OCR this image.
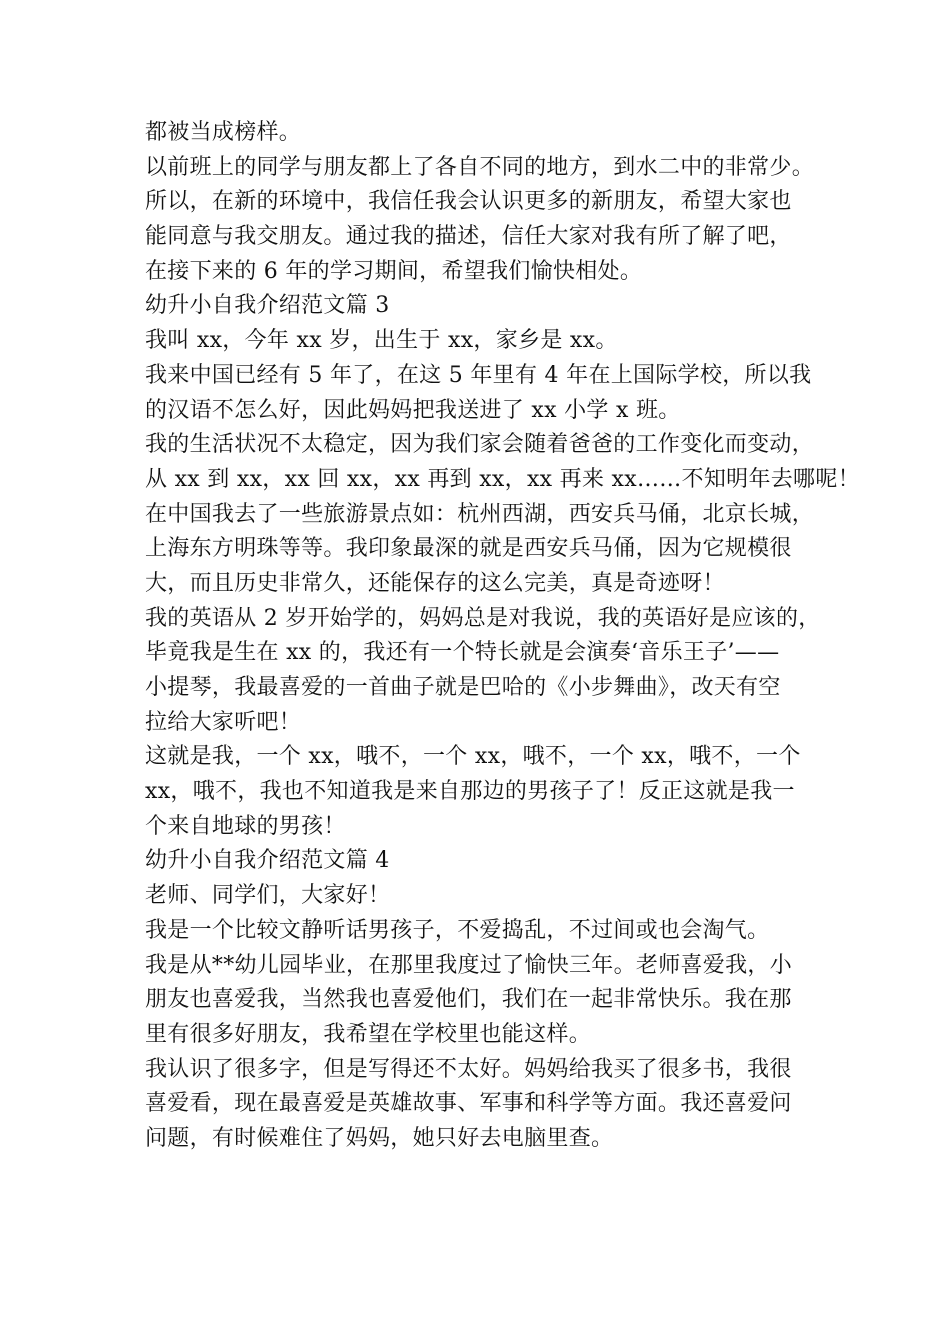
都被当成榜样。
以前班上的同学与朋友都上了各自不同的地方，到水二中的非常少。
所以，在新的环境中，我信任我会认识更多的新朋友，希望大家也
能同意与我交朋友。通过我的描述，信任大家对我有所了解了吧，
在接下来的 6 年的学习期间，希望我们愉快相处。
幼升小自我介绍范文篇 3
我叫 xx，今年 xx 岁，出生于 xx，家乡是 xx。
我来中国已经有 5 年了，在这 5 年里有 4 年在上国际学校，所以我
的汉语不怎么好，因此妈妈把我送进了 xx 小学 x 班。
我的生活状况不太稳定，因为我们家会随着爸爸的工作变化而变动，
从 xx 到 xx，xx 回 xx，xx 再到 xx，xx 再来 xx……不知明年去哪呢！
在中国我去了一些旅游景点如：杭州西湖，西安兵马俑，北京长城，
上海东方明珠等等。我印象最深的就是西安兵马俑，因为它规模很
大，而且历史非常久，还能保存的这么完美，真是奇迹呀！
我的英语从 2 岁开始学的，妈妈总是对我说，我的英语好是应该的，
毕竟我是生在 xx 的，我还有一个特长就是会演奏‘音乐王子’——
小提琴，我最喜爱的一首曲子就是巴哈的《小步舞曲》，改天有空
拉给大家听吧！
这就是我，一个 xx，哦不，一个 xx，哦不，一个 xx，哦不，一个
xx，哦不，我也不知道我是来自那边的男孩子了！反正这就是我一
个来自地球的男孩！
幼升小自我介绍范文篇 4
老师、同学们，大家好！
我是一个比较文静听话男孩子，不爱捣乱，不过间或也会淘气。
我是从**幼儿园毕业，在那里我度过了愉快三年。老师喜爱我，小
朋友也喜爱我，当然我也喜爱他们，我们在一起非常快乐。我在那
里有很多好朋友，我希望在学校里也能这样。
我认识了很多字，但是写得还不太好。妈妈给我买了很多书，我很
喜爱看，现在最喜爱是英雄故事、军事和科学等方面。我还喜爱问
问题，有时候难住了妈妈，她只好去电脑里查。
